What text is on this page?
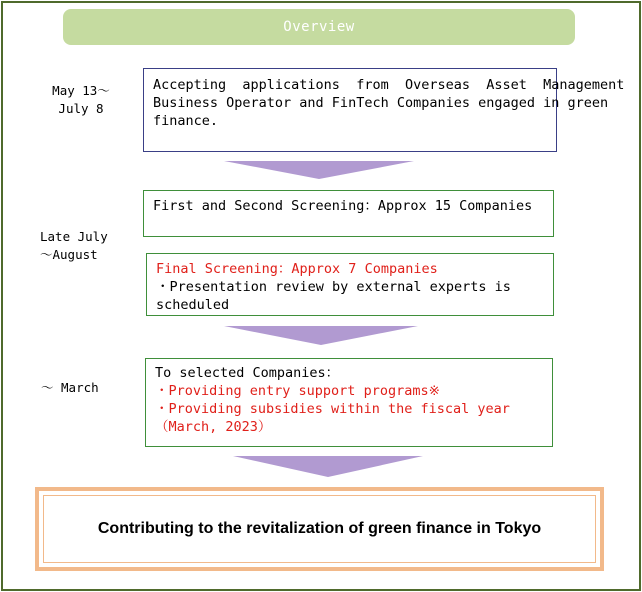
Overview
May 13～
July 8
Late July
～August
～ March
Accepting  applications  from  Overseas  Asset  Management
Business Operator and FinTech Companies engaged in green
finance.
First and Second Screening：Approx 15 Companies
Final Screening：Approx 7 Companies
・Presentation review by external experts is
scheduled
To selected Companies：
・Providing entry support programs※
・Providing subsidies within the fiscal year
（March, 2023）
Contributing to the revitalization of green finance in Tokyo
